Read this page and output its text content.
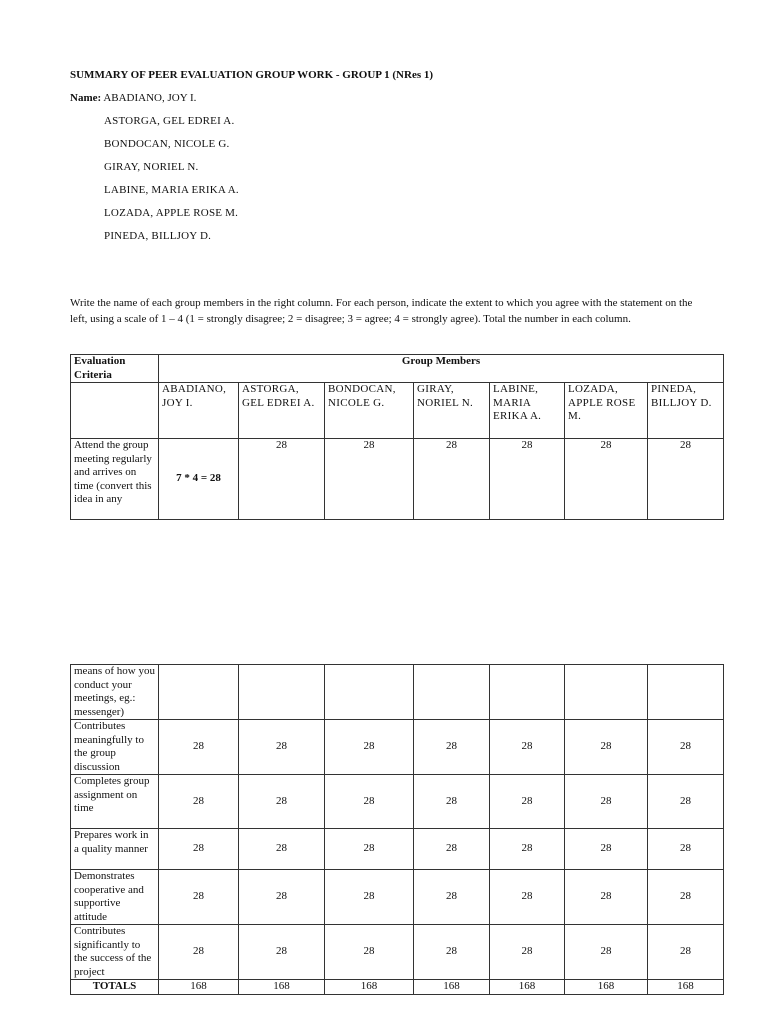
SUMMARY OF PEER EVALUATION GROUP WORK - GROUP 1 (NRes 1)
Name: ABADIANO, JOY I.
ASTORGA, GEL EDREI A.
BONDOCAN, NICOLE G.
GIRAY, NORIEL N.
LABINE, MARIA ERIKA A.
LOZADA, APPLE ROSE M.
PINEDA, BILLJOY D.
Write the name of each group members in the right column. For each person, indicate the extent to which you agree with the statement on the left, using a scale of 1 – 4 (1 = strongly disagree; 2 = disagree; 3 = agree; 4 = strongly agree). Total the number in each column.
Evaluation Criteria	Group Members						
	ABADIANO, JOY I.	ASTORGA, GEL EDREI A.	BONDOCAN, NICOLE G.	GIRAY, NORIEL N.	LABINE, MARIA ERIKA A.	LOZADA, APPLE ROSE M.	PINEDA, BILLJOY D.
Attend the group meeting regularly and arrives on time (convert this idea in any	7 * 4 = 28	28	28	28	28	28	28
means of how you conduct your meetings, eg.: messenger)							
Contributes meaningfully to the group discussion	28	28	28	28	28	28	28
Completes group assignment on time	28	28	28	28	28	28	28
Prepares work in a quality manner	28	28	28	28	28	28	28
Demonstrates cooperative and supportive attitude	28	28	28	28	28	28	28
Contributes significantly to the success of the project	28	28	28	28	28	28	28
TOTALS	168	168	168	168	168	168	168
